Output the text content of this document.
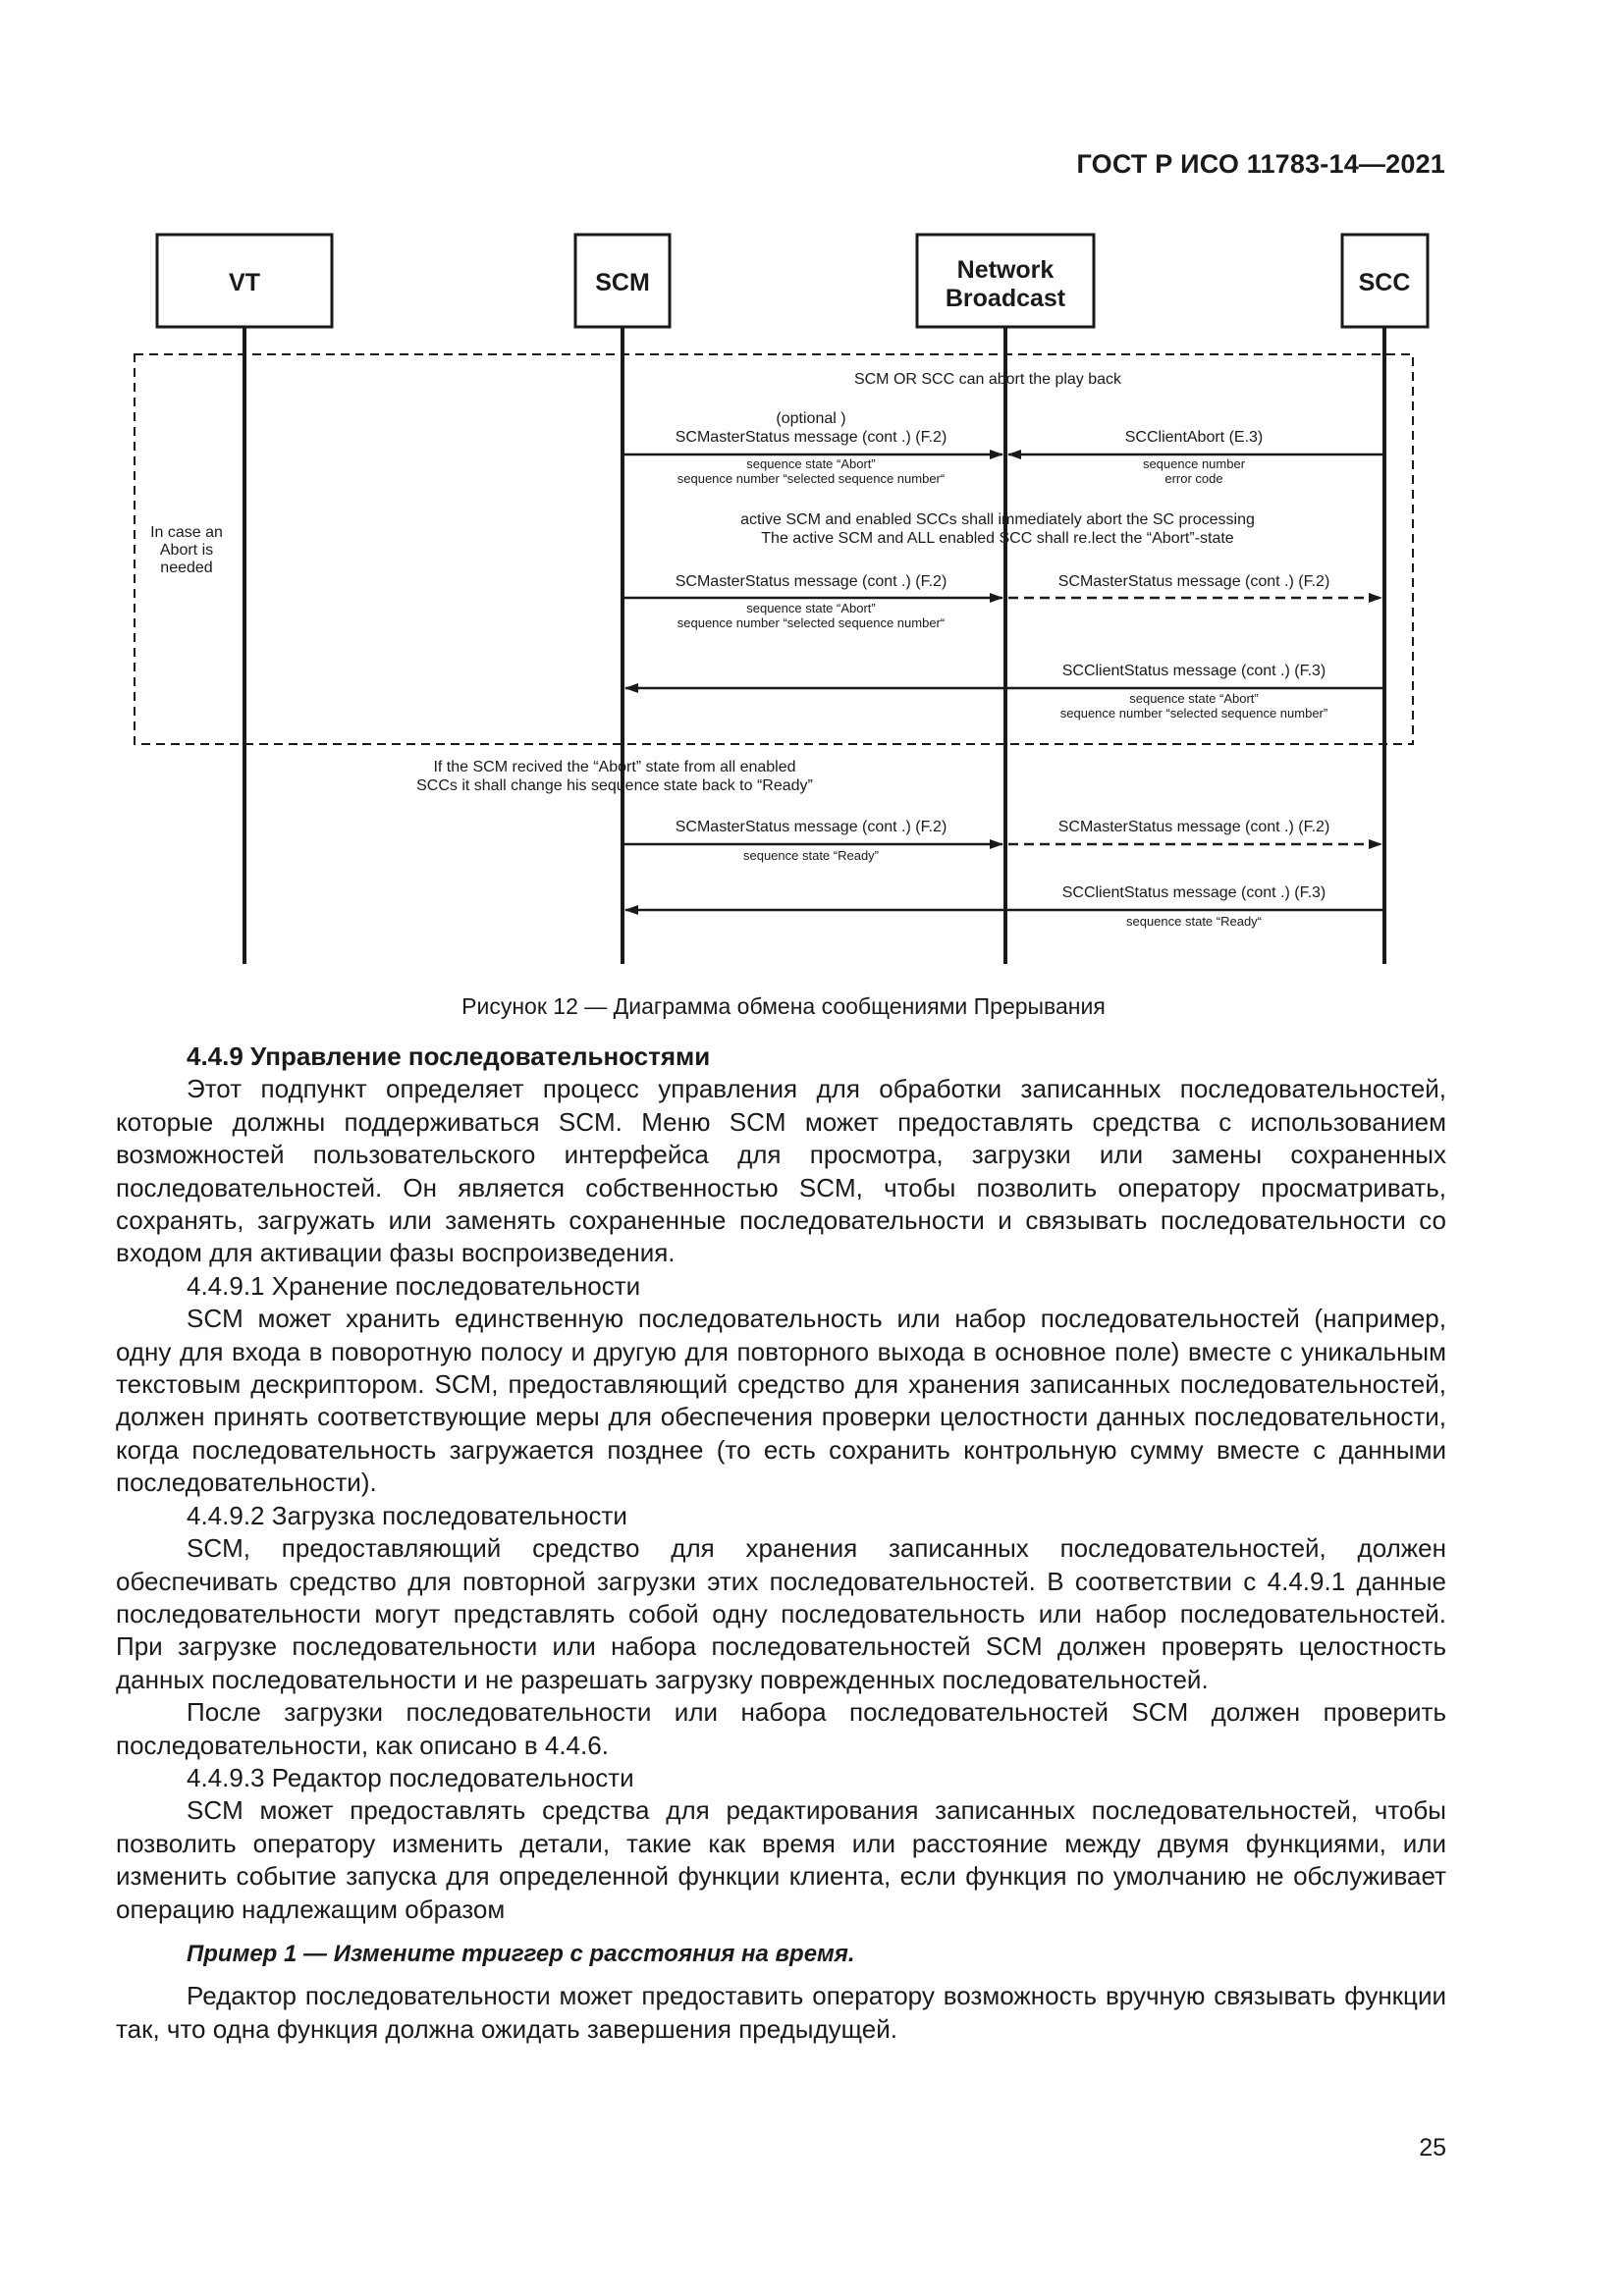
ГОСТ Р ИСО 11783-14—2021
VT	SCM	Network
Broadcast
SCC
SCM OR SCC can abort the play back
In case an
Abort is
needed
(optional )
SCMasterStatus message (cont .) (F.2)
sequence state “Abort”
sequence number “selected sequence number“
SCClientAbort (E.3)
sequence number
error code
active SCM and enabled SCCs shall immediately abort the SC processing
The active SCM and ALL enabled SCC shall re.lect the “Abort”-state
SCMasterStatus message (cont .) (F.2)	SCMasterStatus message (cont .) (F.2)
sequence state “Abort”
sequence number “selected sequence number“
SCClientStatus message (cont .) (F.3)
sequence state “Abort”
sequence number “selected sequence number”
If the SCM recived the “Abort” state from all enabled
SCCs it shall change his sequence state back to “Ready”
SCMasterStatus message (cont .) (F.2)	SCMasterStatus message (cont .) (F.2)
sequence state “Ready”
SCClientStatus message (cont .) (F.3)
sequence state “Ready“
Рисунок 12 — Диаграмма обмена сообщениями Прерывания

4.4.9 Управление последовательностями

Этот подпункт определяет процесс управления для обработки записанных последовательностей, которые должны поддерживаться SCM. Меню SCM может предоставлять средства с использованием возможностей пользовательского интерфейса для просмотра, загрузки или замены сохраненных последовательностей. Он является собственностью SCM, чтобы позволить оператору просматривать, сохранять, загружать или заменять сохраненные последовательности и связывать последовательности со входом для активации фазы воспроизведения.

4.4.9.1 Хранение последовательности

SCM может хранить единственную последовательность или набор последовательностей (например, одну для входа в поворотную полосу и другую для повторного выхода в основное поле) вместе с уникальным текстовым дескриптором. SCM, предоставляющий средство для хранения записанных последовательностей, должен принять соответствующие меры для обеспечения проверки целостности данных последовательности, когда последовательность загружается позднее (то есть сохранить контрольную сумму вместе с данными последовательности).

4.4.9.2 Загрузка последовательности

SCM, предоставляющий средство для хранения записанных последовательностей, должен обеспечивать средство для повторной загрузки этих последовательностей. В соответствии с 4.4.9.1 данные последовательности могут представлять собой одну последовательность или набор последовательностей. При загрузке последовательности или набора последовательностей SCM должен проверять целостность данных последовательности и не разрешать загрузку поврежденных последовательностей.

После загрузки последовательности или набора последовательностей SCM должен проверить последовательности, как описано в 4.4.6.

4.4.9.3 Редактор последовательности

SCM может предоставлять средства для редактирования записанных последовательностей, чтобы позволить оператору изменить детали, такие как время или расстояние между двумя функциями, или изменить событие запуска для определенной функции клиента, если функция по умолчанию не обслуживает операцию надлежащим образом

Пример 1 — Измените триггер с расстояния на время.

Редактор последовательности может предоставить оператору возможность вручную связывать функции так, что одна функция должна ожидать завершения предыдущей.

25
